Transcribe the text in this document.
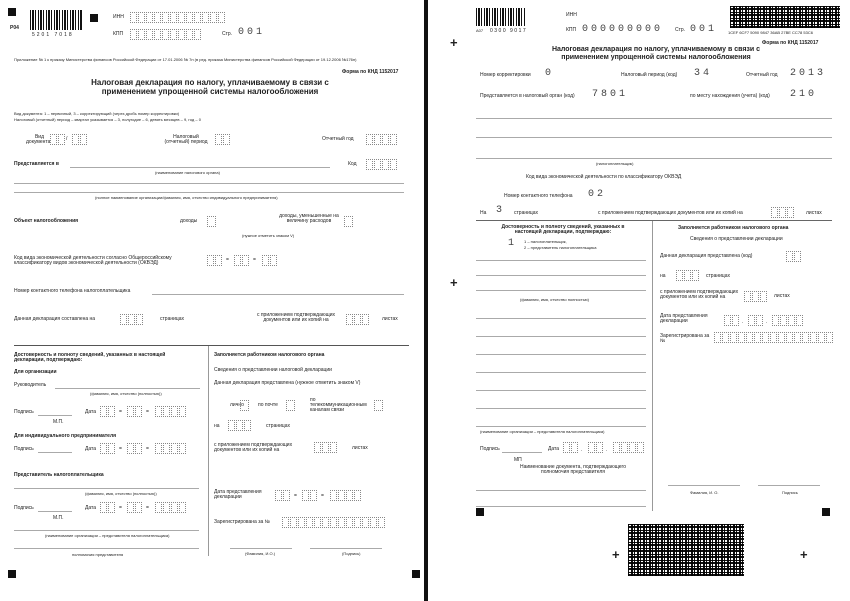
Р04
5201 7018
ИНН
КПП	Стр. 001
Приложение № 1 к приказу Министерства финансов Российской Федерации от 17.01.2006 № 7н (в ред. приказа Министерства финансов Российской Федерации от 19.12.2006 №176н)
Форма по КНД 1152017
Налоговая декларация по налогу, уплачиваемому в связи с применением упрощенной системы налогообложения
Вид документа: 1 – первичный, 3 – корректирующий (через дробь номер корректировки)
Налоговый (отчетный) период – квартал указывается – 3, полугодие – 6, девять месяцев – 9, год – 0
Вид документа	/	Налоговый (отчетный) период	Отчетный год
Представляется в
(наименование налогового органа)
Код
(полное наименование организации/фамилия, имя, отчество индивидуального предпринимателя)
Объект налогообложения	доходы
доходы, уменьшенные на величину расходов
(нужное отметить знаком V)
Код вида экономической деятельности согласно Общероссийскому классификатору видов экономической деятельности (ОКВЭД)	=	=
Номер контактного телефона налогоплательщика
Данная декларация составлена на	страницах
с приложением подтверждающих документов или их копий на	листах
Достоверность и полноту сведений, указанных в настоящей декларации, подтверждаю:
Для организации
Руководитель
(фамилия, имя, отчество (полностью))
Подпись	Дата	=	=
М.П.
Для индивидуального предпринимателя
Подпись	Дата	=	=
Представитель налогоплательщика
(фамилия, имя, отчество (полностью))
Подпись	Дата	=	=
М.П.
(наименование организации – представителя налогоплательщика)
полномочия представителя
Заполняется работником налогового органа
Сведения о представлении налоговой декларации
Данная декларация представлена (нужное отметить знаком V)
лично	по почте
по телекоммуникационным каналам связи
на	страницах
с приложением подтверждающих документов или их копий на	листах
Дата представления декларации	=	=
Зарегистрирована за №
(Фамилия, И.О.)	(Подпись)
А07 0300 9017
+
+
ИНН
000000000
КПП	Стр. 001	1CEF 6CF7 5090 9847 36AB 27BE CC78 53C6
Форма по КНД 1152017
Налоговая декларация по налогу, уплачиваемому в связи с применением упрощенной системы налогообложения
Номер корректировки 0	Налоговый период (код) 34	Отчетный год 2013
Представляется в налоговый орган (код) 7801	по месту нахождения (учета) (код) 210
(налогоплательщик)
Код вида экономической деятельности по классификатору ОКВЭД
Номер контактного телефона 02
На 3 страницах	с приложением подтверждающих документов или их копий на	листах
Достоверность и полноту сведений, указанных в настоящей декларации, подтверждаю:
1 1 – налогоплательщик,
2 – представитель налогоплательщика
(фамилия, имя, отчество полностью)
(наименование организации – представителя налогоплательщика)
Подпись	Дата	.	.
МП
Наименование документа, подтверждающего полномочия представителя
Заполняется работником налогового органа
Сведения о представлении декларации
Данная декларация представлена (код)
на	страницах
с приложением подтверждающих документов или их копий на	листах
Дата представления декларации	.	.
Зарегистрирована за №
Фамилия, И. О.	Подпись
+	+
